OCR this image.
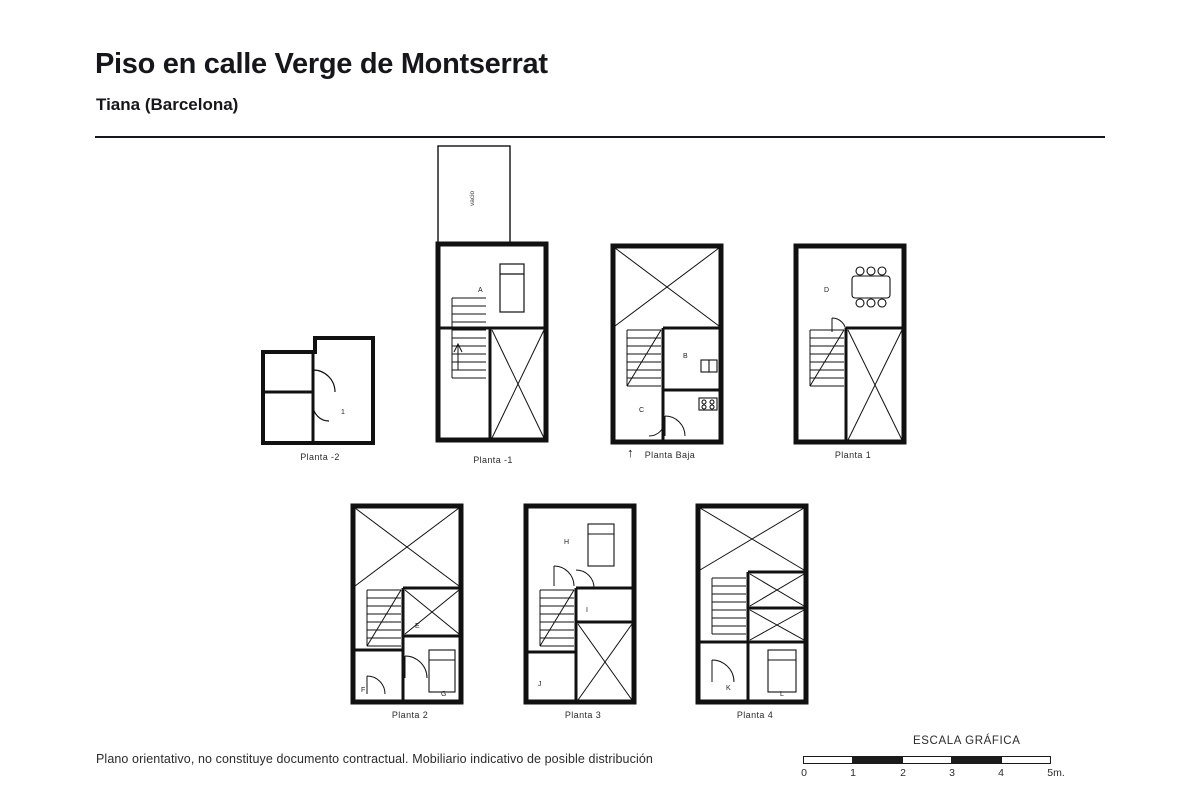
Piso en calle Verge de Montserrat
Tiana (Barcelona)
1
Planta -2
vacio
A
Planta -1
B
C
↑	Planta Baja
D
Planta 1
E
F
G
Planta 2
H
I
J
Planta 3
K
L
Planta 4
Plano orientativo, no constituye documento contractual. Mobiliario indicativo de posible distribución
ESCALA GRÁFICA
0	1	2	3	4	5m.
